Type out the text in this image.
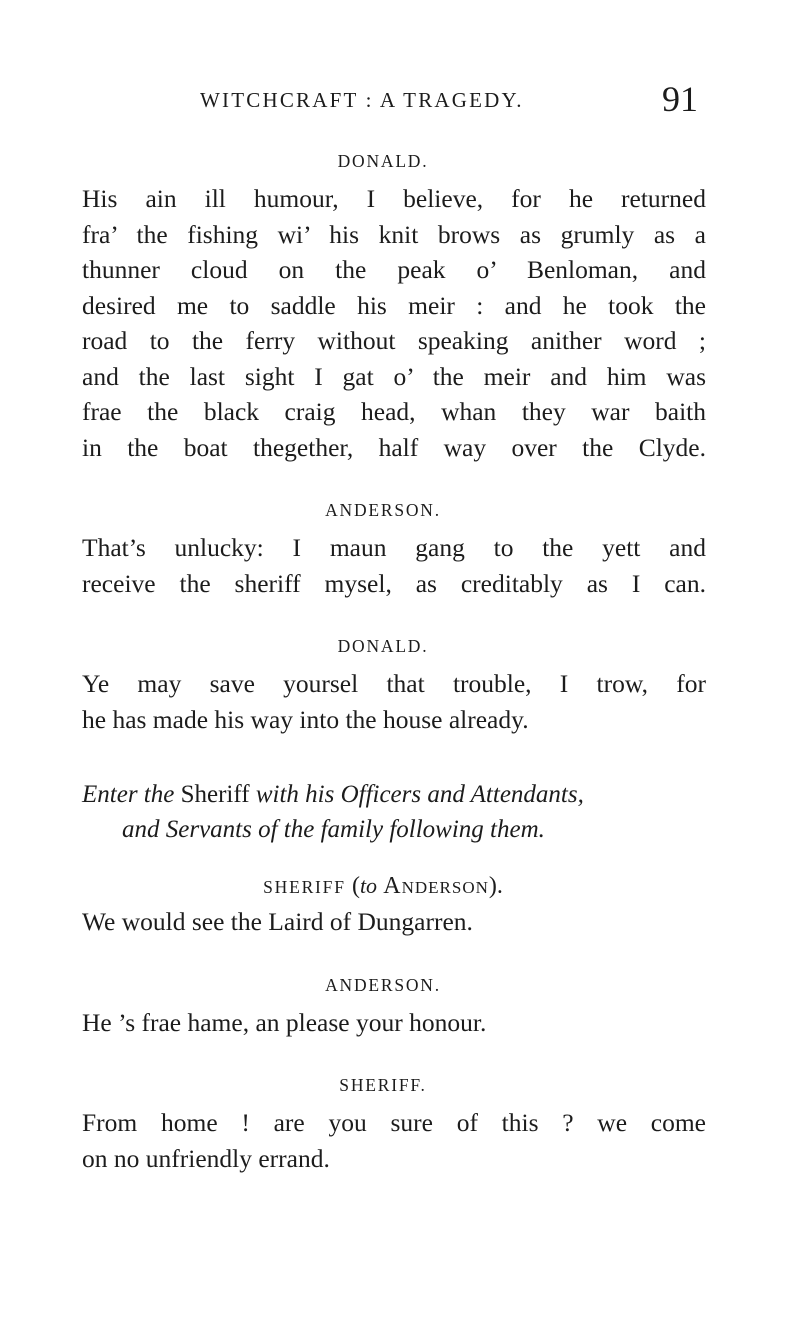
WITCHCRAFT : A TRAGEDY.	91
DONALD.
His ain ill humour, I believe, for he returned
fra’ the fishing wi’ his knit brows as grumly as a
thunner cloud on the peak o’ Benloman, and
desired me to saddle his meir : and he took the
road to the ferry without speaking anither word ;
and the last sight I gat o’ the meir and him was
frae the black craig head, whan they war baith
in the boat thegether, half way over the Clyde.
ANDERSON.
That’s unlucky: I maun gang to the yett and
receive the sheriff mysel, as creditably as I can.
DONALD.
Ye may save yoursel that trouble, I trow, for
he has made his way into the house already.
Enter the Sheriff with his Officers and Attendants,
and Servants of the family following them.
SHERIFF (to Anderson).
We would see the Laird of Dungarren.
ANDERSON.
He ’s frae hame, an please your honour.
SHERIFF.
From home ! are you sure of this ? we come
on no unfriendly errand.
